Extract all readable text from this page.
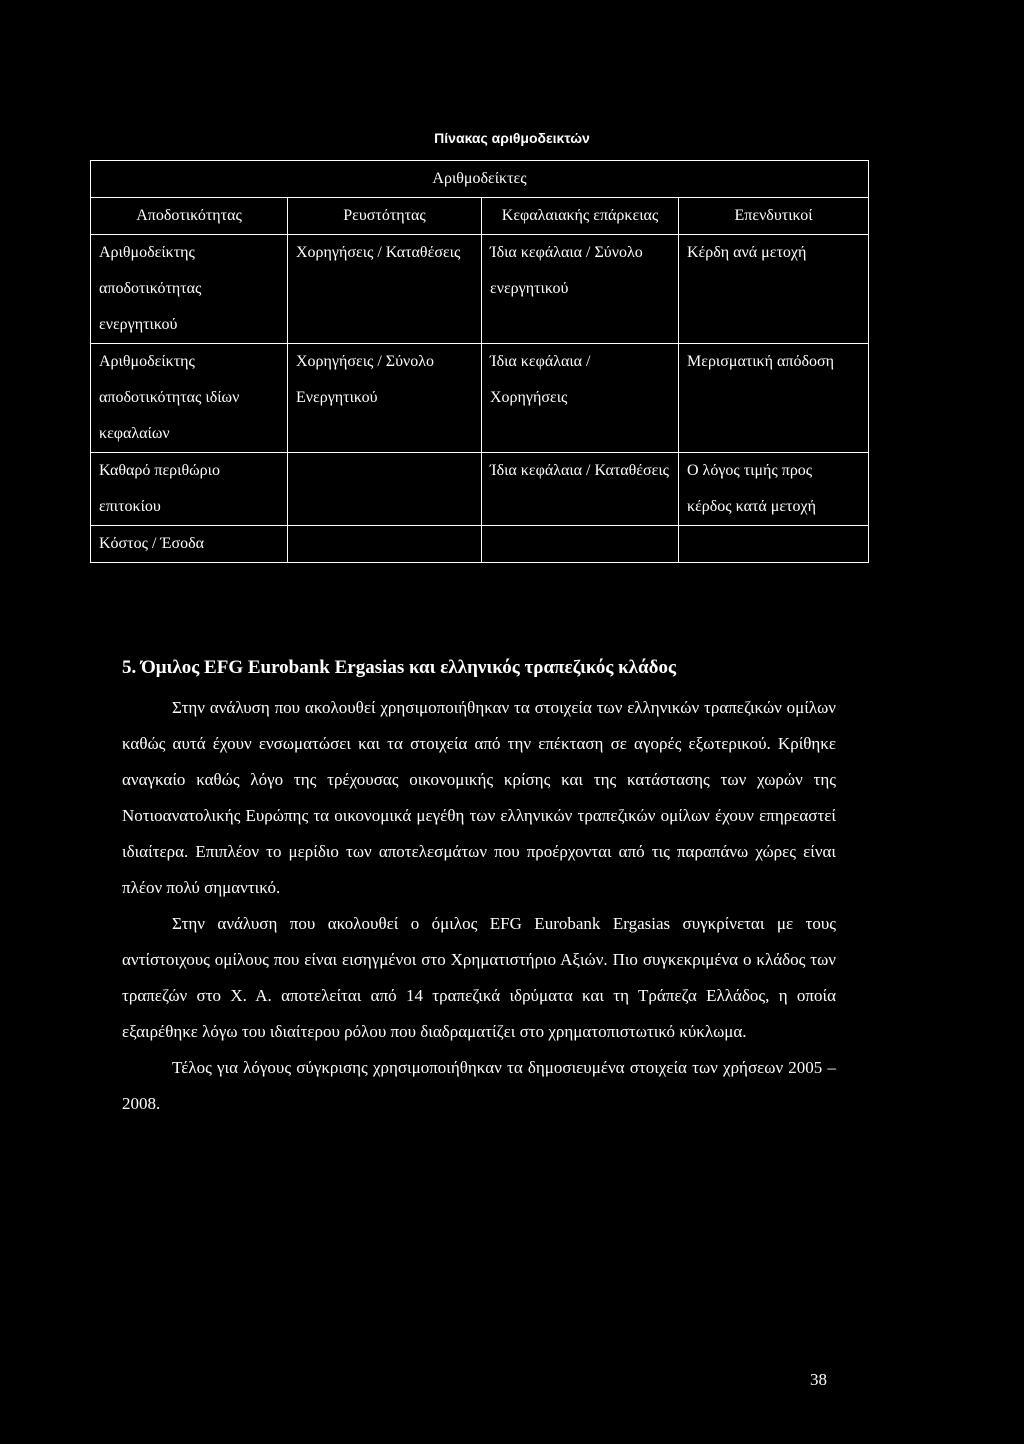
Πίνακας αριθμοδεικτών
Αριθμοδείκτες			
Αποδοτικότητας	Ρευστότητας	Κεφαλαιακής επάρκειας	Επενδυτικοί
Αριθμοδείκτης αποδοτικότητας ενεργητικού	Χορηγήσεις / Καταθέσεις	Ίδια κεφάλαια / Σύνολο ενεργητικού	Κέρδη ανά μετοχή
Αριθμοδείκτης αποδοτικότητας ιδίων κεφαλαίων	Χορηγήσεις / Σύνολο Ενεργητικού	Ίδια κεφάλαια / Χορηγήσεις	Μερισματική απόδοση
Καθαρό περιθώριο επιτοκίου		Ίδια κεφάλαια / Καταθέσεις	Ο λόγος τιμής προς κέρδος κατά μετοχή
Κόστος / Έσοδα			
5. Όμιλος EFG Eurobank Ergasias και ελληνικός τραπεζικός κλάδος

Στην ανάλυση που ακολουθεί χρησιμοποιήθηκαν τα στοιχεία των ελληνικών τραπεζικών ομίλων καθώς αυτά έχουν ενσωματώσει και τα στοιχεία από την επέκταση σε αγορές εξωτερικού. Κρίθηκε αναγκαίο καθώς λόγο της τρέχουσας οικονομικής κρίσης και της κατάστασης των χωρών της Νοτιοανατολικής Ευρώπης τα οικονομικά μεγέθη των ελληνικών τραπεζικών ομίλων έχουν επηρεαστεί ιδιαίτερα. Επιπλέον το μερίδιο των αποτελεσμάτων που προέρχονται από τις παραπάνω χώρες είναι πλέον πολύ σημαντικό.

Στην ανάλυση που ακολουθεί ο όμιλος EFG Eurobank Ergasias συγκρίνεται με τους αντίστοιχους ομίλους που είναι εισηγμένοι στο Χρηματιστήριο Αξιών. Πιο συγκεκριμένα ο κλάδος των τραπεζών στο Χ. Α. αποτελείται από 14 τραπεζικά ιδρύματα και τη Τράπεζα Ελλάδος, η οποία εξαιρέθηκε λόγω του ιδιαίτερου ρόλου που διαδραματίζει στο χρηματοπιστωτικό κύκλωμα.

Τέλος για λόγους σύγκρισης χρησιμοποιήθηκαν τα δημοσιευμένα στοιχεία των χρήσεων 2005 – 2008.

38
